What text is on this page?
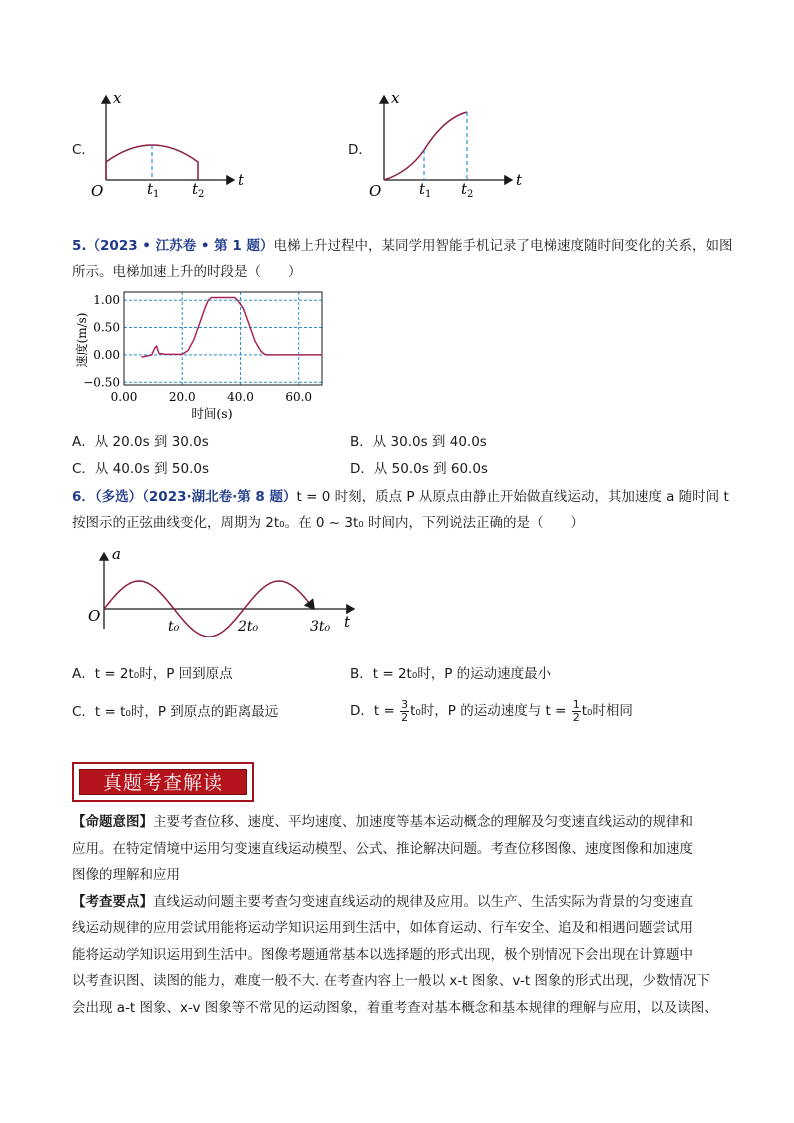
C．
x
t
O	$t_1$ $t_2$
D．
x
t
O	$t_1$ $t_2$
5.（2023 • 江苏卷 • 第 1 题）电梯上升过程中，某同学用智能手机记录了电梯速度随时间变化的关系，如图
所示。电梯加速上升的时段是（　　）
1.00
0.50
0.00
−0.50
0.00	20.0	40.0	60.0
速度(m/s)
时间(s)
A．从 20.0s 到 30.0s	B．从 30.0s 到 40.0s
C．从 40.0s 到 50.0s	D．从 50.0s 到 60.0s
6．（多选）（2023·湖北卷·第 8 题）t = 0 时刻，质点 P 从原点由静止开始做直线运动，其加速度 a 随时间 t
按图示的正弦曲线变化，周期为 2t₀。在 0 ~ 3t₀ 时间内，下列说法正确的是（　　）
a
t
O
t₀	2t₀	3t₀
A．t = 2t₀时，P 回到原点	B．t = 2t₀时，P 的运动速度最小
C．t = t₀时，P 到原点的距离最远	D．$t = \frac{3}{2} t_0$时，P 的运动速度与 $t = \frac{1}{2} t_0$时相同
真题考查解读
【命题意图】主要考查位移、速度、平均速度、加速度等基本运动概念的理解及匀变速直线运动的规律和
应用。在特定情境中运用匀变速直线运动模型、公式、推论解决问题。考查位移图像、速度图像和加速度
图像的理解和应用
【考查要点】直线运动问题主要考查匀变速直线运动的规律及应用。以生产、生活实际为背景的匀变速直
线运动规律的应用尝试用能将运动学知识运用到生活中，如体育运动、行车安全、追及和相遇问题尝试用
能将运动学知识运用到生活中。图像考题通常基本以选择题的形式出现，极个别情况下会出现在计算题中
以考查识图、读图的能力，难度一般不大. 在考查内容上一般以 x-t 图象、v-t 图象的形式出现，少数情况下
会出现 a-t 图象、x-v 图象等不常见的运动图象，着重考查对基本概念和基本规律的理解与应用，以及读图、
